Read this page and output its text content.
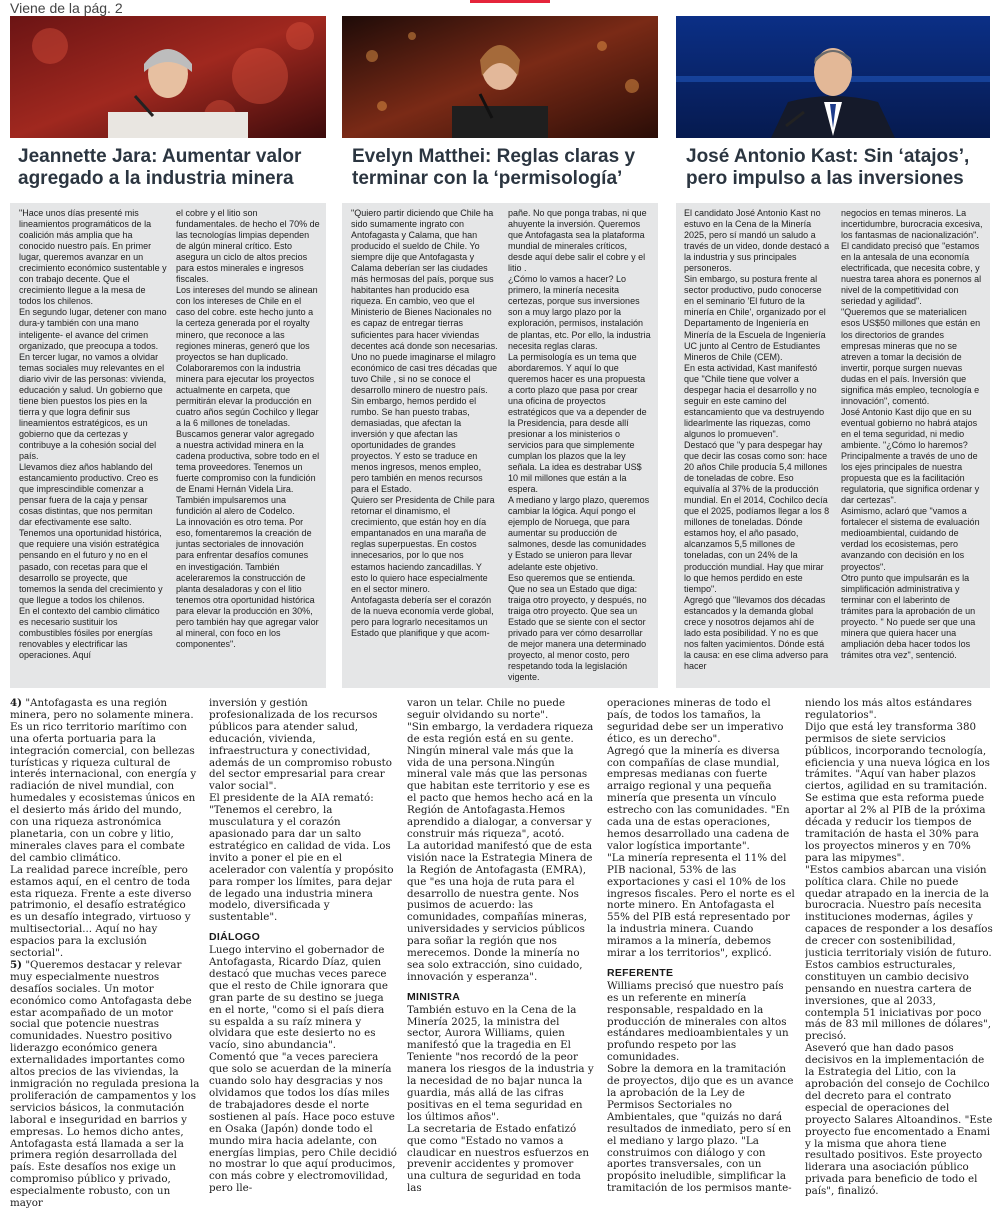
Viene de la pág. 2
Jeannette Jara: Aumentar valor
agregado a la industria minera
Evelyn Matthei: Reglas claras y
terminar con la ‘permisología’
José Antonio Kast: Sin ‘atajos’,
pero impulso a las inversiones

"Hace unos días presenté mis lineamientos programáticos de la coalición más amplia que ha conocido nuestro país. En primer lugar, queremos avanzar en un crecimiento económico sustentable y con trabajo decente. Que el crecimiento llegue a la mesa de todos los chilenos.

En segundo lugar, detener con mano dura-y también con una mano inteligente- el avance del crimen organizado, que preocupa a todos.

En tercer lugar, no vamos a olvidar temas sociales muy relevantes en el diario vivir de las personas: vivienda, educación y salud. Un gobierno que tiene bien puestos los pies en la tierra y que logra definir sus lineamientos estratégicos, es un gobierno que da certezas y contribuye a la cohesión social del país.

Llevamos diez años hablando del estancamiento productivo. Creo es que imprescindible comenzar a pensar fuera de la caja y pensar cosas distintas, que nos permitan dar efectivamente ese salto.

Tenemos una oportunidad histórica, que requiere una visión estratégica pensando en el futuro y no en el pasado, con recetas para que el desarrollo se proyecte, que tomemos la senda del crecimiento y que llegue a todos los chilenos.

En el contexto del cambio climático es necesario sustituir los combustibles fósiles por energías renovables y electrificar las operaciones. Aquí

el cobre y el litio son fundamentales. de hecho el 70% de las tecnologías limpias dependen de algún mineral crítico. Esto asegura un ciclo de altos precios para estos minerales e ingresos fiscales.

Los intereses del mundo se alinean con los intereses de Chile en el caso del cobre. este hecho junto a la certeza generada por el royalty minero, que reconoce a las regiones mineras, generó que los proyectos se han duplicado.

Colaboraremos con la industria minera para ejecutar los proyectos actualmente en carpeta, que permitirán elevar la producción en cuatro años según Cochilco y llegar a la 6 millones de toneladas.

Buscamos generar valor agregado a nuestra actividad minera en la cadena productiva, sobre todo en el tema proveedores. Tenemos un fuerte compromiso con la fundición de Enami Hernán Videla Lira. También impulsaremos una fundición al alero de Codelco.

La innovación es otro tema. Por eso, fomentaremos la creación de juntas sectoriales de innovación para enfrentar desafíos comunes en investigación. También aceleraremos la construcción de planta desaladoras y con el litio tenemos otra oportunidad histórica para elevar la producción en 30%, pero también hay que agregar valor al mineral, con foco en los componentes".

"Quiero partir diciendo que Chile ha sido sumamente ingrato con Antofagasta y Calama, que han producido el sueldo de Chile. Yo siempre dije que Antofagasta y Calama deberían ser las ciudades más hermosas del país, porque sus habitantes han producido esa riqueza. En cambio, veo que el Ministerio de Bienes Nacionales no es capaz de entregar tierras suficientes para hacer viviendas decentes acá donde son necesarias.

Uno no puede imaginarse el milagro económico de casi tres décadas que tuvo Chile , si no se conoce el desarrollo minero de nuestro país.

Sin embargo, hemos perdido el rumbo. Se han puesto trabas, demasiadas, que afectan la inversión y que afectan las oportunidades de grandes proyectos. Y esto se traduce en menos ingresos, menos empleo, pero también en menos recursos para el Estado.

Quiero ser Presidenta de Chile para retornar el dinamismo, el crecimiento, que están hoy en día empantanados en una maraña de reglas superpuestas. En costos innecesarios, por lo que nos estamos haciendo zancadillas. Y esto lo quiero hace especialmente en el sector minero.

Antofagasta debería ser el corazón de la nueva economía verde global, pero para lograrlo necesitamos un Estado que planifique y que acom-

pañe. No que ponga trabas, ni que ahuyente la inversión. Queremos que Antofagasta sea la plataforma mundial de minerales críticos, desde aquí debe salir el cobre y el litio .

¿Cómo lo vamos a hacer? Lo primero, la minería necesita certezas, porque sus inversiones son a muy largo plazo por la exploración, permisos, instalación de plantas, etc. Por ello, la industria necesita reglas claras.

La permisología es un tema que abordaremos. Y aquí lo que queremos hacer es una propuesta a corto plazo que pasa por crear una oficina de proyectos estratégicos que va a depender de la Presidencia, para desde allí presionar a los ministerios o servicios para que simplemente cumplan los plazos que la ley señala. La idea es destrabar US$ 10 mil millones que están a la espera.

A mediano y largo plazo, queremos cambiar la lógica. Aquí pongo el ejemplo de Noruega, que para aumentar su producción de salmones, desde las comunidades y Estado se unieron para llevar adelante este objetivo.

Eso queremos que se entienda. Que no sea un Estado que diga: traiga otro proyecto, y después, no traiga otro proyecto. Que sea un Estado que se siente con el sector privado para ver cómo desarrollar de mejor manera una determinado proyecto, al menor costo, pero respetando toda la legislación vigente.

El candidato José Antonio Kast no estuvo en la Cena de la Minería 2025, pero sí mandó un saludo a través de un video, donde destacó a la industria y sus principales personeros.

Sin embargo, su postura frente al sector productivo, pudo conocerse en el seminario 'El futuro de la minería en Chile', organizado por el Departamento de Ingeniería en Minería de la Escuela de Ingeniería UC junto al Centro de Estudiantes Mineros de Chile (CEM).

En esta actividad, Kast manifestó que "Chile tiene que volver a despegar hacia el desarrollo y no seguir en este camino del estancamiento que va destruyendo lidearlmente las riquezas, como algunos lo promueven".

Destacó que "y para despegar hay que decir las cosas como son: hace 20 años Chile producía 5,4 millones de toneladas de cobre. Eso equivalía al 37% de la producción mundial. En el 2014, Cochilco decía que el 2025, podíamos llegar a los 8 millones de toneladas. Dónde estamos hoy, el año pasado, alcanzamos 5,5 millones de toneladas, con un 24% de la producción mundial. Hay que mirar lo que hemos perdido en este tiempo".

Agregó que "llevamos dos décadas estancados y la demanda global crece y nosotros dejamos ahí de lado esta posibilidad. Y no es que nos falten yacimientos. Dónde está la causa: en ese clima adverso para hacer

negocios en temas mineros. La incertidumbre, burocracia excesiva, los fantasmas de nacionalización".

El candidato precisó que "estamos en la antesala de una economía electrificada, que necesita cobre, y nuestra tarea ahora es ponernos al nivel de la competitividad con seriedad y agilidad".

"Queremos que se materialicen esos US$50 millones que están en los directorios de grandes empresas mineras que no se atreven a tomar la decisión de invertir, porque surgen nuevas dudas en el país. Inversión que significa más empleo, tecnología e innovación", comentó.

José Antonio Kast dijo que en su eventual gobierno no habrá atajos en el tema seguridad, ni medio ambiente. "¿Cómo lo haremos? Principalmente a través de uno de los ejes principales de nuestra propuesta que es la facilitación regulatoria, que significa ordenar y dar certezas".

Asimismo, aclaró que "vamos a fortalecer el sistema de evaluación medioambiental, cuidando de verdad los ecosistemas, pero avanzando con decisión en los proyectos".

Otro punto que impulsarán es la simplificación administrativa y terminar con el laberinto de trámites para la aprobación de un proyecto. " No puede ser que una minera que quiera hacer una ampliación deba hacer todos los trámites otra vez", sentenció.

4) "Antofagasta es una región minera, pero no solamente minera. Es un rico territorio marítimo con una oferta portuaria para la integración comercial, con bellezas turísticas y riqueza cultural de interés internacional, con energía y radiación de nivel mundial, con humedales y ecosistemas únicos en el desierto más árido del mundo, con una riqueza astronómica planetaria, con un cobre y litio, minerales claves para el combate del cambio climático.

La realidad parece increíble, pero estamos aquí, en el centro de toda esta riqueza. Frente a este diverso patrimonio, el desafío estratégico es un desafío integrado, virtuoso y multisectorial... Aquí no hay espacios para la exclusión sectorial".

5) "Queremos destacar y relevar muy especialmente nuestros desafíos sociales. Un motor económico como Antofagasta debe estar acompañado de un motor social que potencie nuestras comunidades. Nuestro positivo liderazgo económico genera externalidades importantes como altos precios de las viviendas, la inmigración no regulada presiona la proliferación de campamentos y los servicios básicos, la conmutación laboral e inseguridad en barrios y empresas. Lo hemos dicho antes, Antofagasta está llamada a ser la primera región desarrollada del país. Este desafíos nos exige un compromiso público y privado, especialmente robusto, con un mayor

inversión y gestión profesionalizada de los recursos públicos para atender salud, educación, vivienda, infraestructura y conectividad, además de un compromiso robusto del sector empresarial para crear valor social".

El presidente de la AIA remató: "Tenemos el cerebro, la musculatura y el corazón apasionado para dar un salto estratégico en calidad de vida. Los invito a poner el pie en el acelerador con valentía y propósito para romper los límites, para dejar de legado una industria minera modelo, diversificada y sustentable".

DIÁLOGO

Luego intervino el gobernador de Antofagasta, Ricardo Díaz, quien destacó que muchas veces parece que el resto de Chile ignorara que gran parte de su destino se juega en el norte, "como si el país diera su espalda a su raíz minera y olvidara que este desierto no es vacío, sino abundancia".

Comentó que "a veces pareciera que solo se acuerdan de la minería cuando solo hay desgracias y nos olvidamos que todos los días miles de trabajadores desde el norte sostienen al país. Hace poco estuve en Osaka (Japón) donde todo el mundo mira hacia adelante, con energías limpias, pero Chile decidió no mostrar lo que aquí producimos, con más cobre y electromovilidad, pero lle-

varon un telar. Chile no puede seguir olvidando su norte".

"Sin embargo, la verdadera riqueza de esta región está en su gente. Ningún mineral vale más que la vida de una persona.Ningún mineral vale más que las personas que habitan este territorio y ese es el pacto que hemos hecho acá en la Región de Antofagasta.Hemos aprendido a dialogar, a conversar y construir más riqueza", acotó.

La autoridad manifestó que de esta visión nace la Estrategia Minera de la Región de Antofagasta (EMRA), que "es una hoja de ruta para el desarrollo de nuestra gente. Nos pusimos de acuerdo: las comunidades, compañías mineras, universidades y servicios públicos para soñar la región que nos merecemos. Donde la minería no sea solo extracción, sino cuidado, innovación y esperanza".

MINISTRA

También estuvo en la Cena de la Minería 2025, la ministra del sector, Aurora Williams, quien manifestó que la tragedia en El Teniente "nos recordó de la peor manera los riesgos de la industria y la necesidad de no bajar nunca la guardia, más allá de las cifras positivas en el tema seguridad en los últimos años".

La secretaria de Estado enfatizó que como "Estado no vamos a claudicar en nuestros esfuerzos en prevenir accidentes y promover una cultura de seguridad en toda las

operaciones mineras de todo el país, de todos los tamaños, la seguridad debe ser un imperativo ético, es un derecho".

Agregó que la minería es diversa con compañías de clase mundial, empresas medianas con fuerte arraigo regional y una pequeña minería que presenta un vínculo estrecho con las comunidades. "En cada una de estas operaciones, hemos desarrollado una cadena de valor logística importante".

"La minería representa el 11% del PIB nacional, 53% de las exportaciones y casi el 10% de los ingresos fiscales. Pero el norte es el norte minero. En Antofagasta el 55% del PIB está representado por la industria minera. Cuando miramos a la minería, debemos mirar a los territorios", explicó.

REFERENTE

Williams precisó que nuestro país es un referente en minería responsable, respaldado en la producción de minerales con altos estándares medioambientales y un profundo respeto por las comunidades.

Sobre la demora en la tramitación de proyectos, dijo que es un avance la aprobación de la Ley de Permisos Sectoriales no Ambientales, que "quizás no dará resultados de inmediato, pero sí en el mediano y largo plazo. "La construimos con diálogo y con aportes transversales, con un propósito ineludible, simplificar la tramitación de los permisos mante-

niendo los más altos estándares regulatorios".

Dijo que está ley transforma 380 permisos de siete servicios públicos, incorporando tecnología, eficiencia y una nueva lógica en los trámites. "Aquí van haber plazos ciertos, agilidad en su tramitación. Se estima que esta reforma puede aportar al 2% al PIB de la próxima década y reducir los tiempos de tramitación de hasta el 30% para los proyectos mineros y en 70% para las mipymes".

"Estos cambios abarcan una visión política clara. Chile no puede quedar atrapado en la inercia de la burocracia. Nuestro país necesita instituciones modernas, ágiles y capaces de responder a los desafíos de crecer con sostenibilidad, justicia territorialy visión de futuro. Estos cambios estructurales, constituyen un cambio decisivo pensando en nuestra cartera de inversiones, que al 2033, contempla 51 iniciativas por poco más de 83 mil millones de dólares", precisó.

Aseveró que han dado pasos decisivos en la implementación de la Estrategia del Litio, con la aprobación del consejo de Cochilco del decreto para el contrato especial de operaciones del proyecto Salares Altoandinos. "Este proyecto fue encomentado a Enami y la misma que ahora tiene resultado positivos. Este proyecto liderara una asociación público privada para beneficio de todo el país", finalizó.
